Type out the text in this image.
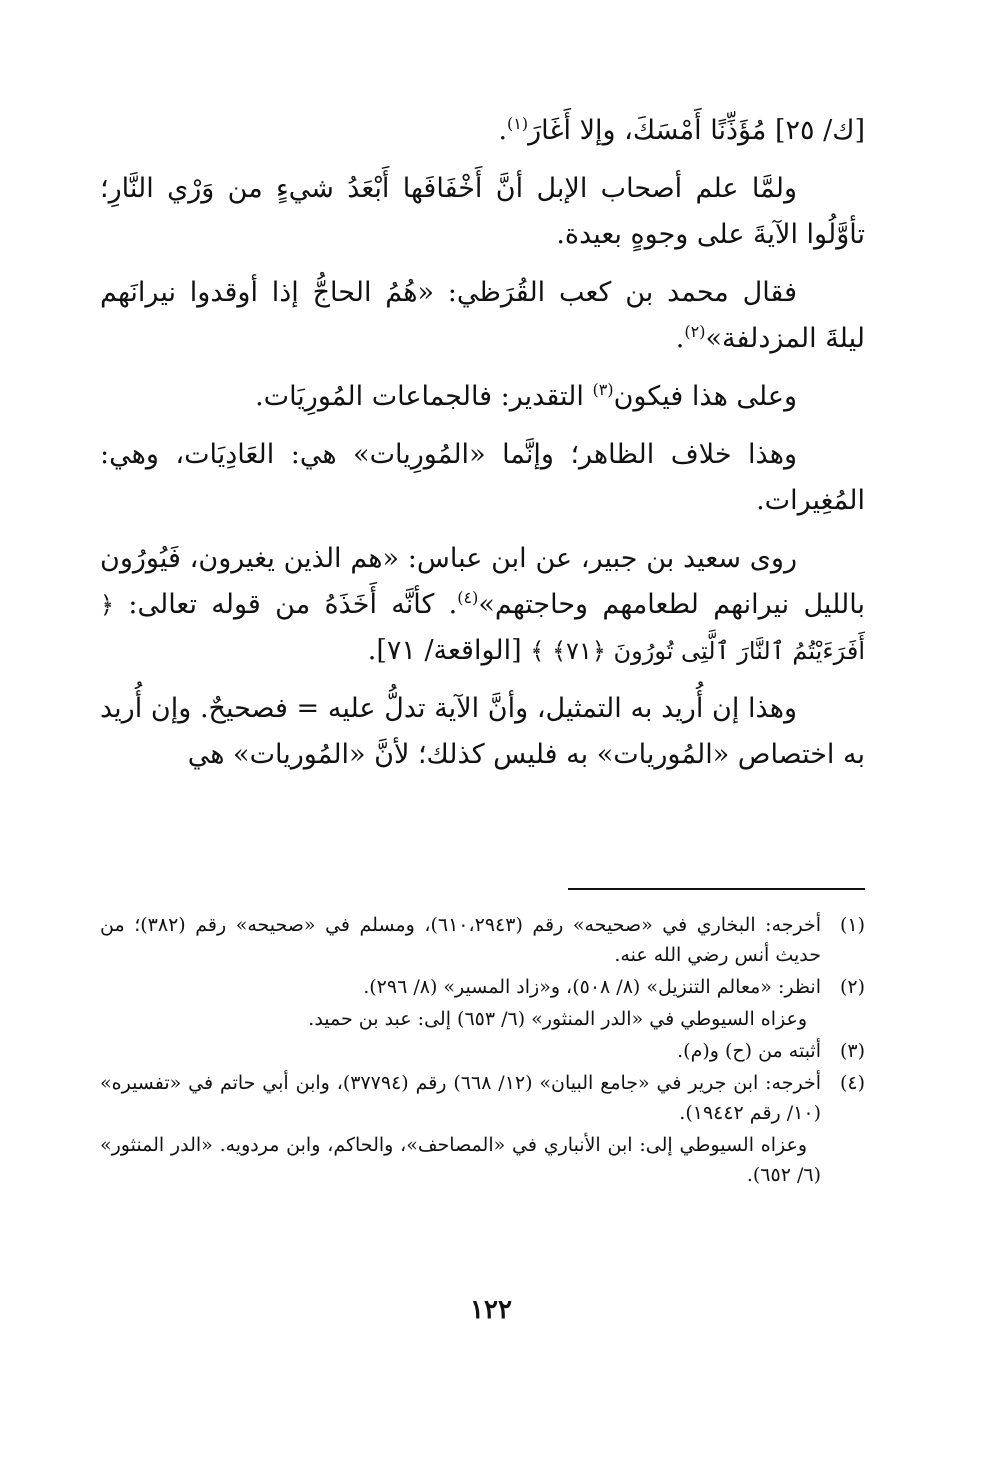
[ك/ ٢٥] مُؤَذِّنًا أَمْسَكَ، وإلا أَغَارَ$^{(١)}$.

ولمَّا علم أصحاب الإبل أنَّ أَخْفَافَها أَبْعَدُ شيءٍ من وَرْي النَّارِ؛ تأوَّلُوا الآيةَ على وجوهٍ بعيدة.

فقال محمد بن كعب القُرَظي: «هُمُ الحاجُّ إذا أوقدوا نيرانَهم ليلةَ المزدلفة»$^{(٢)}$.

وعلى هذا فيكون$^{(٣)}$ التقدير: فالجماعات المُورِيَات.

وهذا خلاف الظاهر؛ وإنَّما «المُورِيات» هي: العَادِيَات، وهي: المُغِيرات.

روى سعيد بن جبير، عن ابن عباس: «هم الذين يغيرون، فَيُورُون بالليل نيرانهم لطعامهم وحاجتهم»$^{(٤)}$. كأنَّه أَخَذَهُ من قوله تعالى: ﴿ أَفَرَءَيْتُمُ ٱلنَّارَ ٱلَّتِى تُورُونَ ﴿٧١﴾ ﴾ [الواقعة/ ٧١].

وهذا إن أُريد به التمثيل، وأنَّ الآية تدلُّ عليه = فصحيحٌ. وإن أُريد به اختصاص «المُوريات» به فليس كذلك؛ لأنَّ «المُوريات» هي

(١)
أخرجه: البخاري في «صحيحه» رقم (٦١٠،٢٩٤٣)، ومسلم في «صحيحه» رقم (٣٨٢)؛ من حديث أنس رضي الله عنه.
(٢)
انظر: «معالم التنزيل» (٨/ ٥٠٨)، و«زاد المسير» (٨/ ٢٩٦).
وعزاه السيوطي في «الدر المنثور» (٦/ ٦٥٣) إلى: عبد بن حميد.
(٣)
أثبته من (ح) و(م).
(٤)
أخرجه: ابن جرير في «جامع البيان» (١٢/ ٦٦٨) رقم (٣٧٧٩٤)، وابن أبي حاتم في «تفسيره» (١٠/ رقم ١٩٤٤٢).
وعزاه السيوطي إلى: ابن الأنباري في «المصاحف»، والحاكم، وابن مردويه. «الدر المنثور» (٦/ ٦٥٢).
١٢٢
